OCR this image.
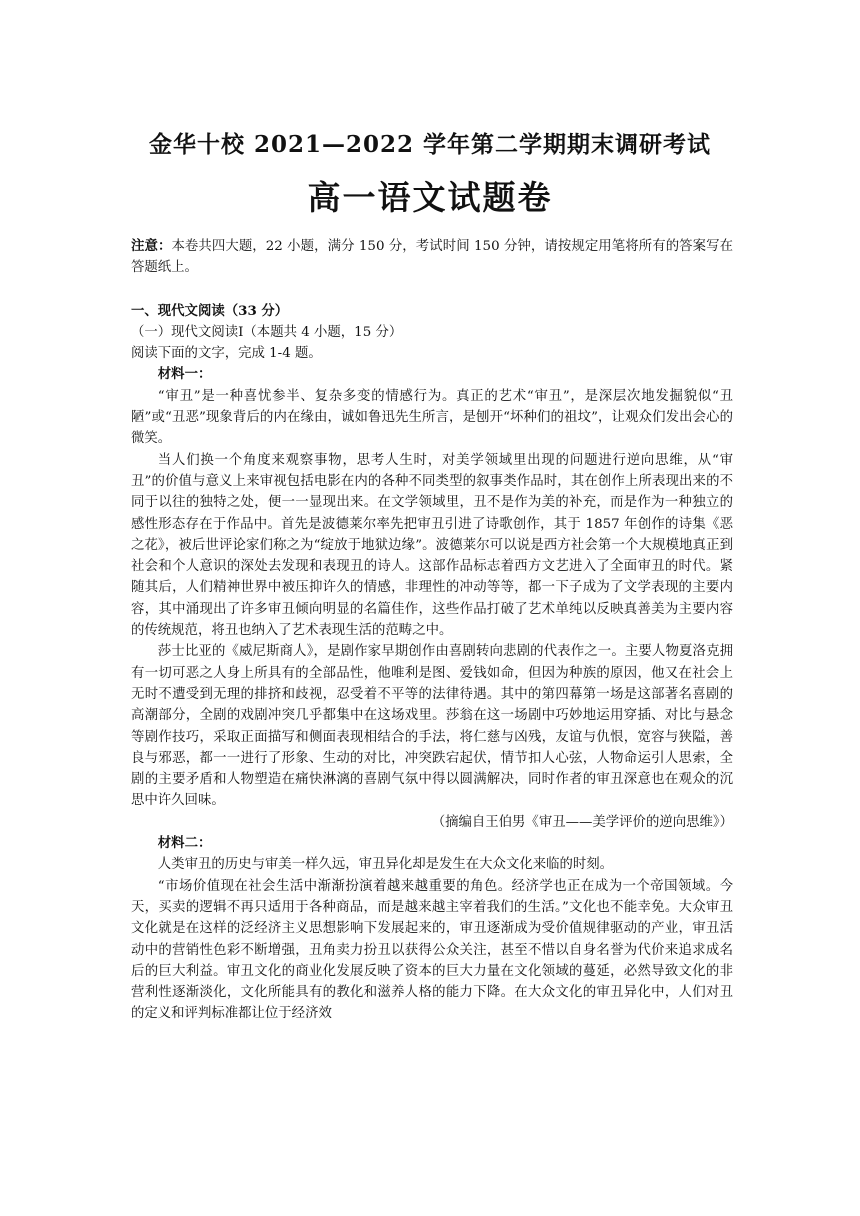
金华十校 2021—2022 学年第二学期期末调研考试
高一语文试题卷

注意：本卷共四大题，22 小题，满分 150 分，考试时间 150 分钟，请按规定用笔将所有的答案写在答题纸上。

一、现代文阅读（33 分）

（一）现代文阅读Ⅰ（本题共 4 小题，15 分）

阅读下面的文字，完成 1-4 题。

材料一：

“审丑”是一种喜忧参半、复杂多变的情感行为。真正的艺术“审丑”，是深层次地发掘貌似“丑陋”或“丑恶”现象背后的内在缘由，诚如鲁迅先生所言，是刨开“坏种们的祖坟”，让观众们发出会心的微笑。

当人们换一个角度来观察事物，思考人生时，对美学领域里出现的问题进行逆向思维，从“审丑”的价值与意义上来审视包括电影在内的各种不同类型的叙事类作品时，其在创作上所表现出来的不同于以往的独特之处，便一一显现出来。在文学领域里，丑不是作为美的补充，而是作为一种独立的感性形态存在于作品中。首先是波德莱尔率先把审丑引进了诗歌创作，其于 1857 年创作的诗集《恶之花》，被后世评论家们称之为“绽放于地狱边缘”。波德莱尔可以说是西方社会第一个大规模地真正到社会和个人意识的深处去发现和表现丑的诗人。这部作品标志着西方文艺进入了全面审丑的时代。紧随其后，人们精神世界中被压抑许久的情感，非理性的冲动等等，都一下子成为了文学表现的主要内容，其中涌现出了许多审丑倾向明显的名篇佳作，这些作品打破了艺术单纯以反映真善美为主要内容的传统规范，将丑也纳入了艺术表现生活的范畴之中。

莎士比亚的《威尼斯商人》，是剧作家早期创作由喜剧转向悲剧的代表作之一。主要人物夏洛克拥有一切可恶之人身上所具有的全部品性，他唯利是图、爱钱如命，但因为种族的原因，他又在社会上无时不遭受到无理的排挤和歧视，忍受着不平等的法律待遇。其中的第四幕第一场是这部著名喜剧的高潮部分，全剧的戏剧冲突几乎都集中在这场戏里。莎翁在这一场剧中巧妙地运用穿插、对比与悬念等剧作技巧，采取正面描写和侧面表现相结合的手法，将仁慈与凶残，友谊与仇恨，宽容与狭隘，善良与邪恶，都一一进行了形象、生动的对比，冲突跌宕起伏，情节扣人心弦，人物命运引人思索，全剧的主要矛盾和人物塑造在痛快淋漓的喜剧气氛中得以圆满解决，同时作者的审丑深意也在观众的沉思中许久回味。

（摘编自王伯男《审丑——美学评价的逆向思维》）

材料二：

人类审丑的历史与审美一样久远，审丑异化却是发生在大众文化来临的时刻。

“市场价值现在社会生活中渐渐扮演着越来越重要的角色。经济学也正在成为一个帝国领域。今天，买卖的逻辑不再只适用于各种商品，而是越来越主宰着我们的生活。”文化也不能幸免。大众审丑文化就是在这样的泛经济主义思想影响下发展起来的，审丑逐渐成为受价值规律驱动的产业，审丑活动中的营销性色彩不断增强，丑角卖力扮丑以获得公众关注，甚至不惜以自身名誉为代价来追求成名后的巨大利益。审丑文化的商业化发展反映了资本的巨大力量在文化领域的蔓延，必然导致文化的非营利性逐渐淡化，文化所能具有的教化和滋养人格的能力下降。在大众文化的审丑异化中，人们对丑的定义和评判标准都让位于经济效
